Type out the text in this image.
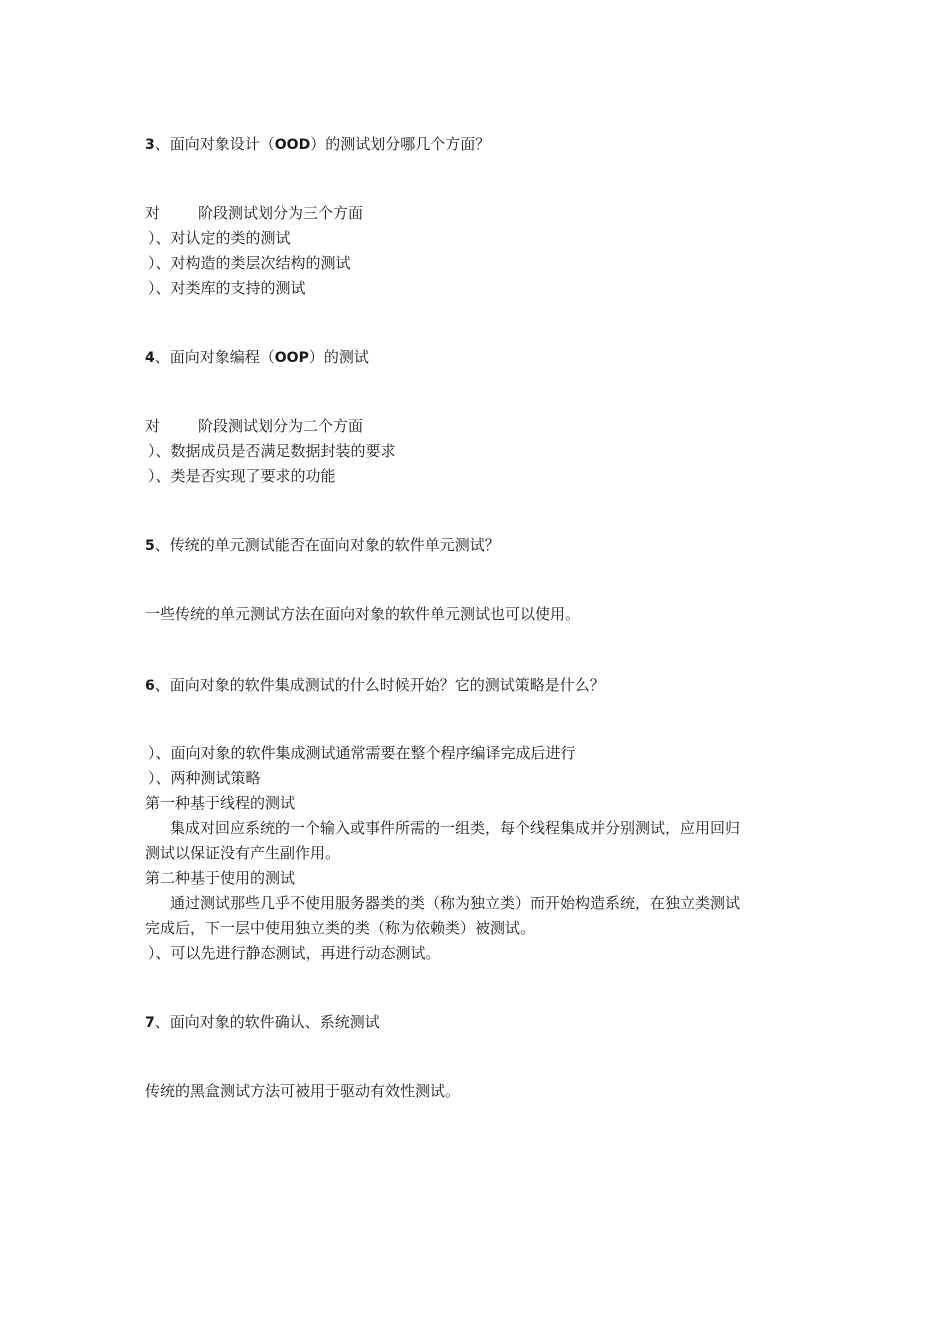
3、面向对象设计（OOD）的测试划分哪几个方面？
对	阶段测试划分为三个方面
）、对认定的类的测试
）、对构造的类层次结构的测试
）、对类库的支持的测试
4、面向对象编程（OOP）的测试
对	阶段测试划分为二个方面
）、数据成员是否满足数据封装的要求
）、类是否实现了要求的功能
5、传统的单元测试能否在面向对象的软件单元测试？
一些传统的单元测试方法在面向对象的软件单元测试也可以使用。
6、面向对象的软件集成测试的什么时候开始？它的测试策略是什么？
）、面向对象的软件集成测试通常需要在整个程序编译完成后进行
）、两种测试策略
第一种基于线程的测试
集成对回应系统的一个输入或事件所需的一组类，每个线程集成并分别测试，应用回归
测试以保证没有产生副作用。
第二种基于使用的测试
通过测试那些几乎不使用服务器类的类（称为独立类）而开始构造系统，在独立类测试
完成后，下一层中使用独立类的类（称为依赖类）被测试。
）、可以先进行静态测试，再进行动态测试。
7、面向对象的软件确认、系统测试
传统的黑盒测试方法可被用于驱动有效性测试。
